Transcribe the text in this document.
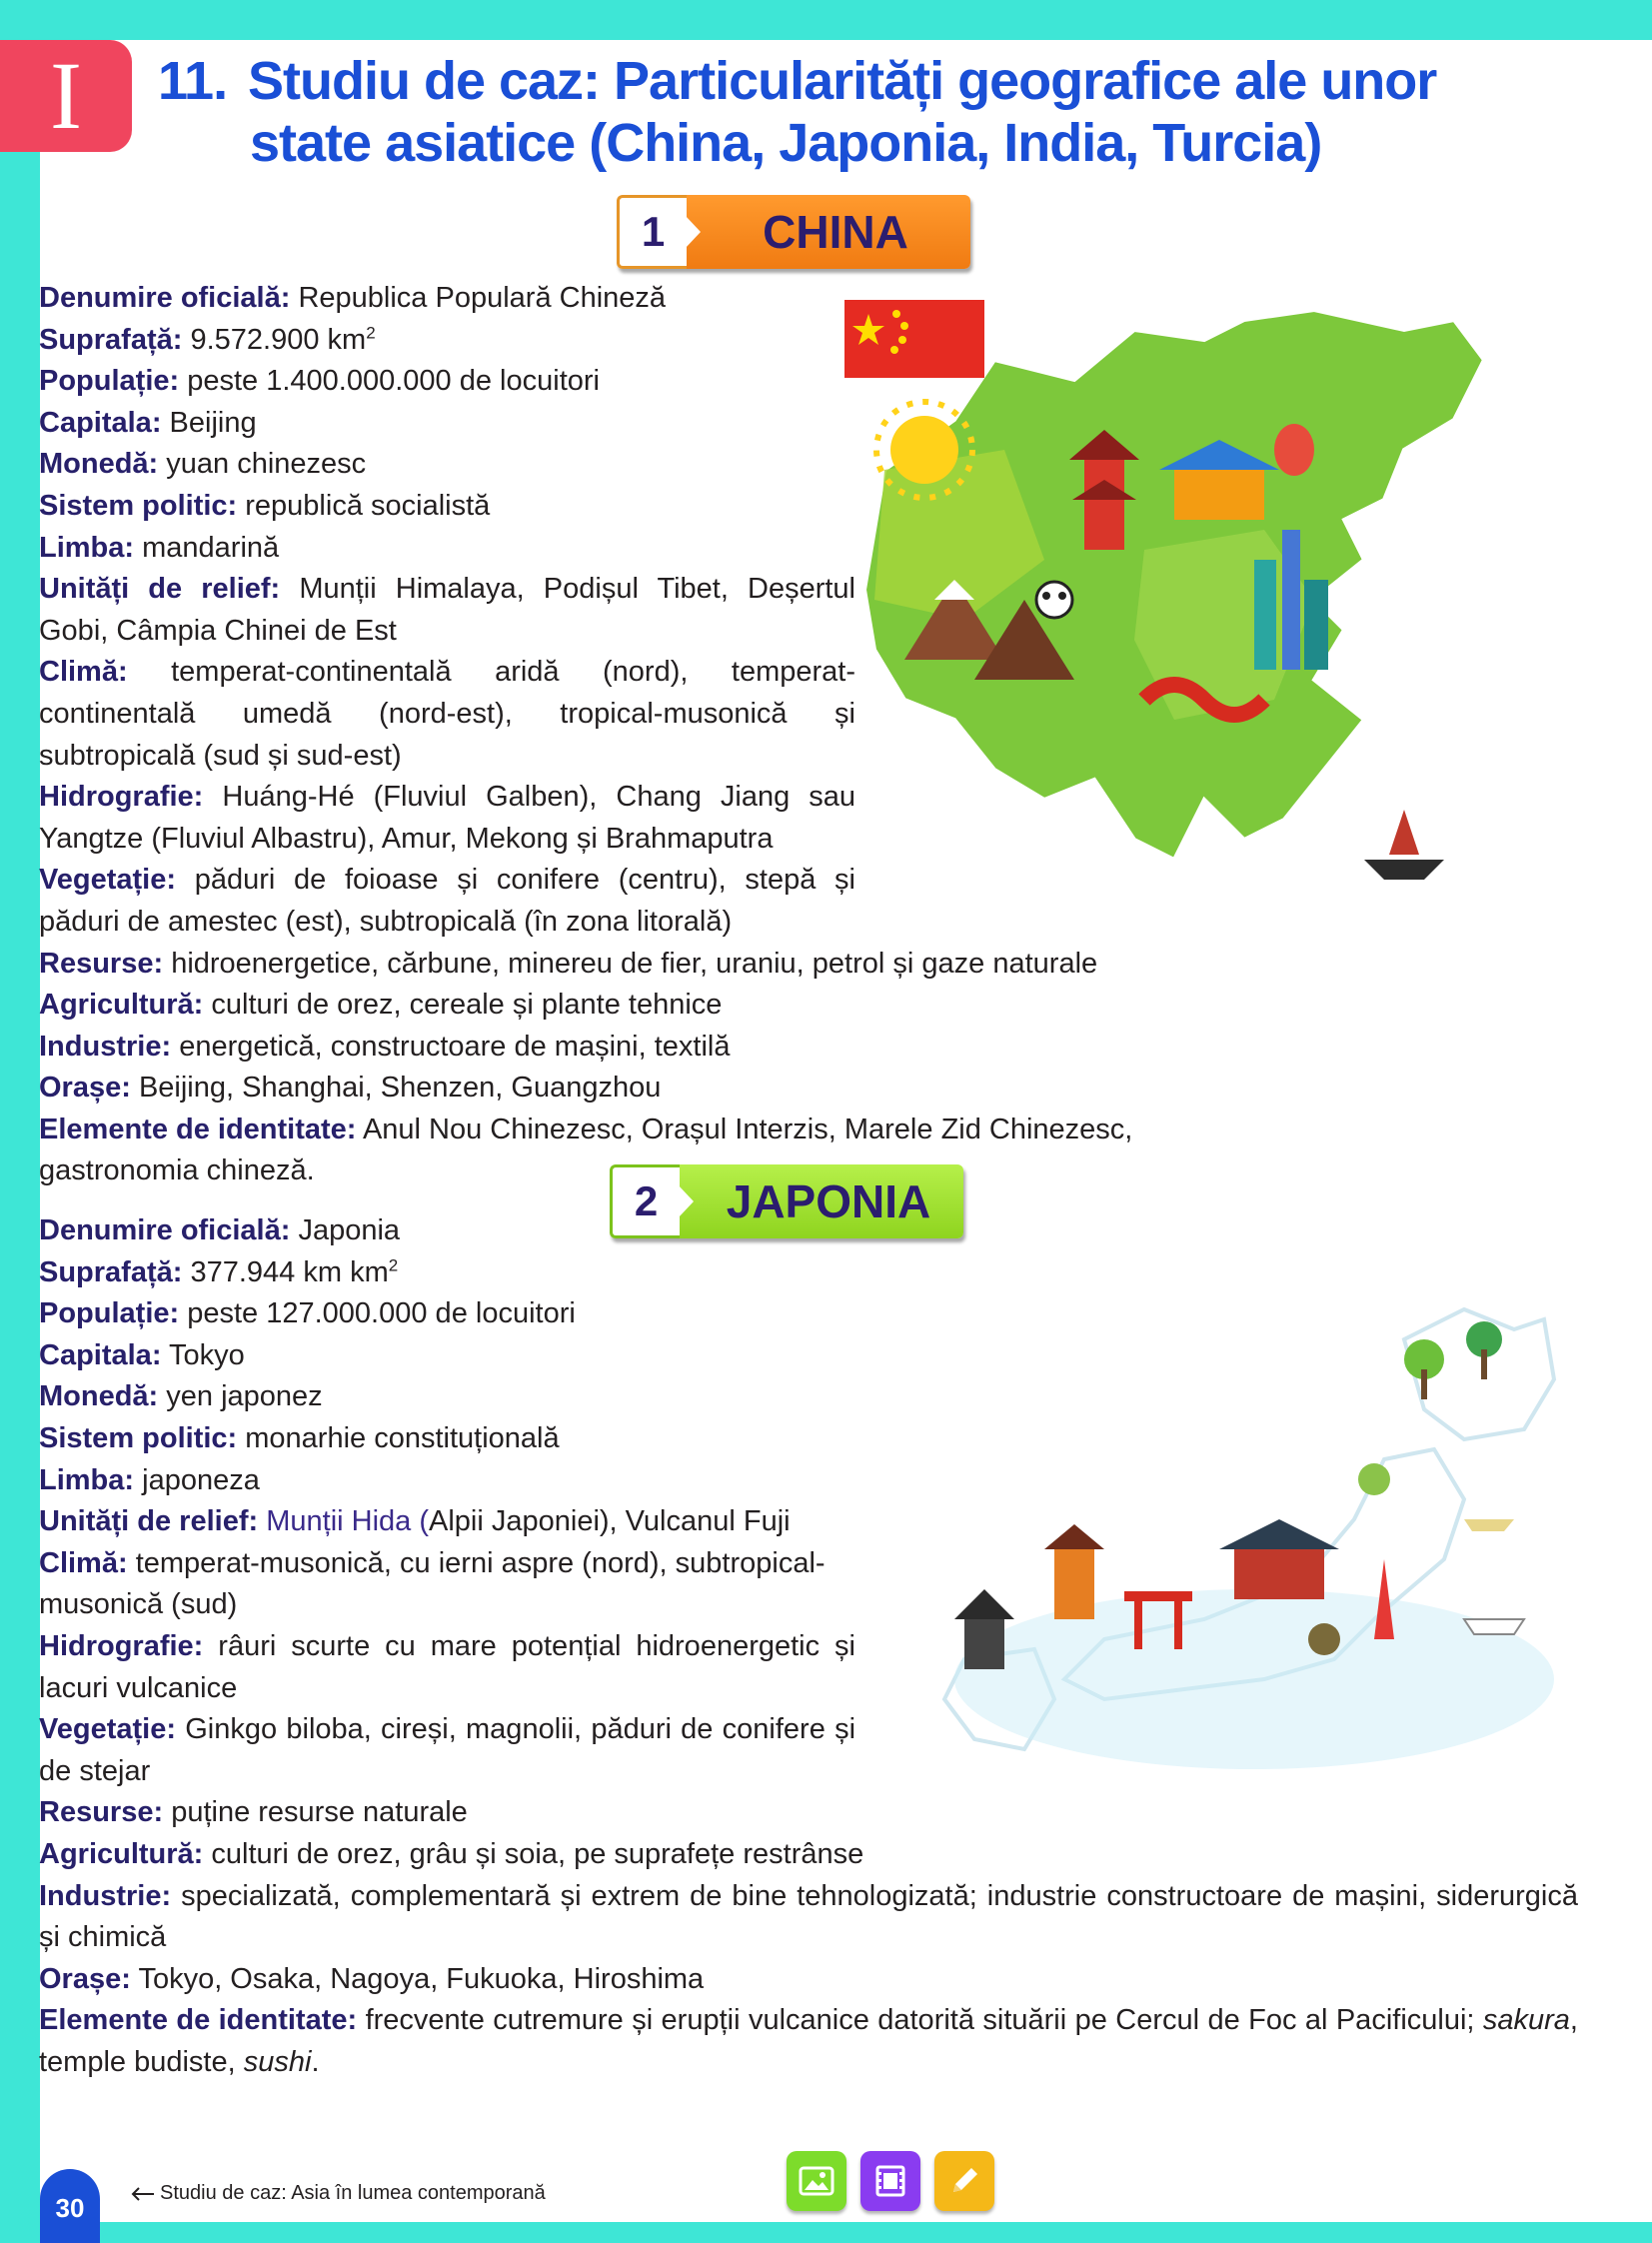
I	11. Studiu de caz: Particularități geografice ale unor
state asiatice (China, Japonia, India, Turcia)
1	CHINA

Denumire oficială: Republica Populară Chineză

Suprafață: 9.572.900 $km^2$

Populație: peste 1.400.000.000 de locuitori

Capitala: Beijing

Monedă: yuan chinezesc

Sistem politic: republică socialistă

Limba: mandarină

Unități de relief: Munții Himalaya, Podișul Tibet, Deșertul Gobi, Câmpia Chinei de Est

Climă: temperat-continentală aridă (nord), temperat-continentală umedă (nord-est), tropical-musonică și subtropicală (sud și sud-est)

Hidrografie: Huáng-Hé (Fluviul Galben), Chang Jiang sau Yangtze (Fluviul Albastru), Amur, Mekong și Brahmaputra

Vegetație: păduri de foioase și conifere (centru), stepă și păduri de amestec (est), subtropicală (în zona litorală)

Resurse: hidroenergetice, cărbune, minereu de fier, uraniu, petrol și gaze naturale

Agricultură: culturi de orez, cereale și plante tehnice

Industrie: energetică, constructoare de mașini, textilă

Orașe: Beijing, Shanghai, Shenzen, Guangzhou

Elemente de identitate: Anul Nou Chinezesc, Orașul Interzis, Marele Zid Chinezesc, gastronomia chineză.

2	JAPONIA

Denumire oficială: Japonia

Suprafață: 377.944 km $km^2$

Populație: peste 127.000.000 de locuitori

Capitala: Tokyo

Monedă: yen japonez

Sistem politic: monarhie constituțională

Limba: japoneza

Unități de relief: Munții Hida (Alpii Japoniei), Vulcanul Fuji

Climă: temperat-musonică, cu ierni aspre (nord), subtropical-musonică (sud)

Hidrografie: râuri scurte cu mare potențial hidroenergetic și lacuri vulcanice

Vegetație: Ginkgo biloba, cireși, magnolii, păduri de conifere și de stejar

Resurse: puține resurse naturale

Agricultură: culturi de orez, grâu și soia, pe suprafețe restrânse

Industrie: specializată, complementară și extrem de bine tehnologizată; industrie constructoare de mașini, siderurgică și chimică

Orașe: Tokyo, Osaka, Nagoya, Fukuoka, Hiroshima

Elemente de identitate: frecvente cutremure și erupții vulcanice datorită situării pe Cercul de Foc al Pacificului; sakura, temple budiste, sushi.

30	Studiu de caz: Asia în lumea contemporană
